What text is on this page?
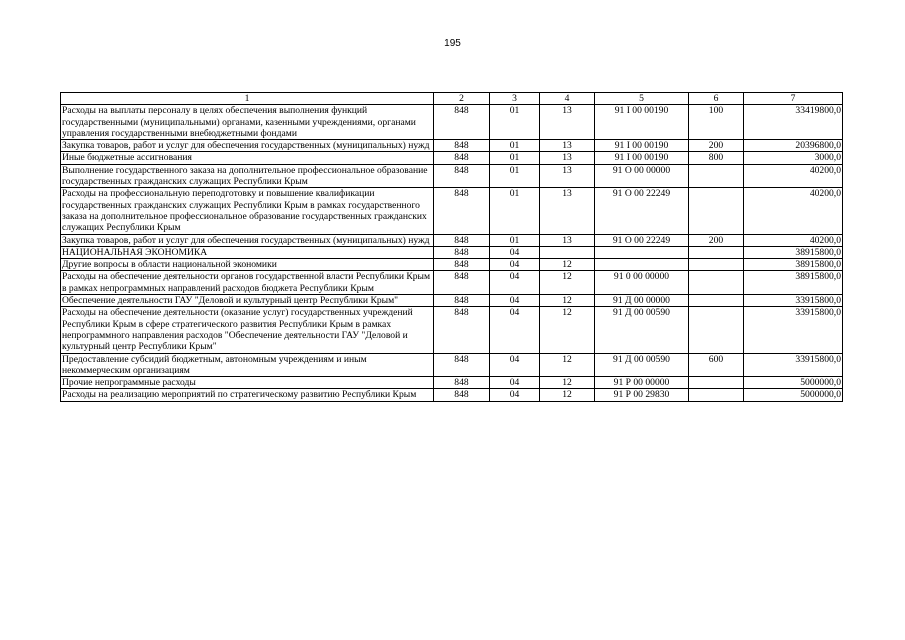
195
1	2	3	4	5	6	7
Расходы на выплаты персоналу в целях обеспечения выполнения функций государственными (муниципальными) органами, казенными учреждениями, органами управления государственными внебюджетными фондами	848	01	13	91 I 00 00190	100	33419800,0
Закупка товаров, работ и услуг для обеспечения государственных (муниципальных) нужд	848	01	13	91 I 00 00190	200	20396800,0
Иные бюджетные ассигнования	848	01	13	91 I 00 00190	800	3000,0
Выполнение государственного заказа на дополнительное профессиональное образование государственных гражданских служащих Республики Крым	848	01	13	91 О 00 00000		40200,0
Расходы на профессиональную переподготовку и повышение квалификации государственных гражданских служащих Республики Крым в рамках государственного заказа на дополнительное профессиональное образование государственных гражданских служащих Республики Крым	848	01	13	91 О 00 22249		40200,0
Закупка товаров, работ и услуг для обеспечения государственных (муниципальных) нужд	848	01	13	91 О 00 22249	200	40200,0
НАЦИОНАЛЬНАЯ ЭКОНОМИКА	848	04				38915800,0
Другие вопросы в области национальной экономики	848	04	12			38915800,0
Расходы на обеспечение деятельности органов государственной власти Республики Крым в рамках непрограммных направлений расходов бюджета Республики Крым	848	04	12	91 0 00 00000		38915800,0
Обеспечение деятельности ГАУ "Деловой и культурный центр Республики Крым"	848	04	12	91 Д 00 00000		33915800,0
Расходы на обеспечение деятельности (оказание услуг) государственных учреждений Республики Крым в сфере стратегического развития Республики Крым в рамках непрограммного направления расходов "Обеспечение деятельности ГАУ "Деловой и культурный центр Республики Крым"	848	04	12	91 Д 00 00590		33915800,0
Предоставление субсидий бюджетным, автономным учреждениям и иным некоммерческим организациям	848	04	12	91 Д 00 00590	600	33915800,0
Прочие непрограммные расходы	848	04	12	91 Р 00 00000		5000000,0
Расходы на реализацию мероприятий по стратегическому развитию Республики Крым	848	04	12	91 Р 00 29830		5000000,0
